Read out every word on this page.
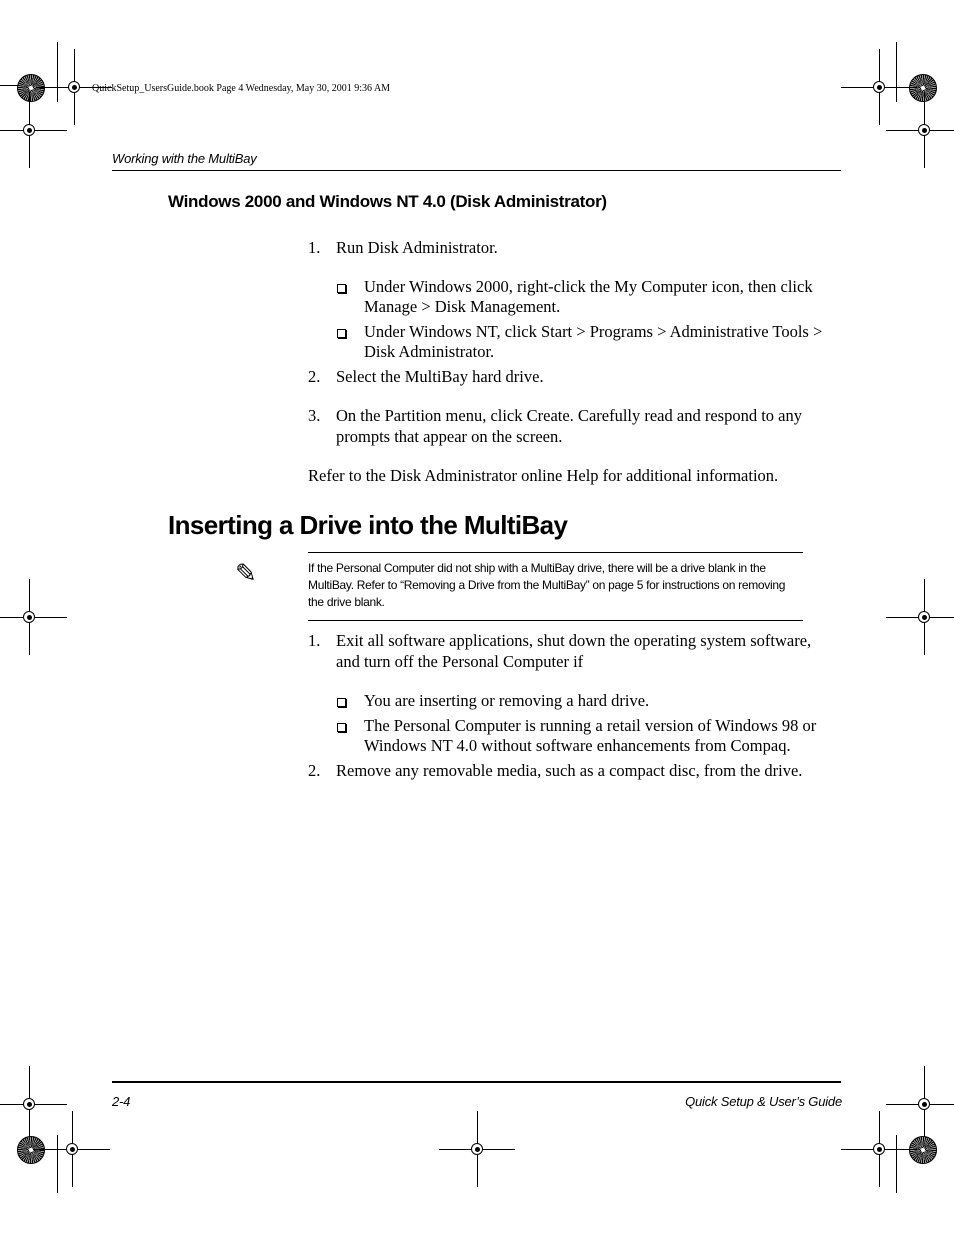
QuickSetup_UsersGuide.book Page 4 Wednesday, May 30, 2001 9:36 AM
Working with the MultiBay
Windows 2000 and Windows NT 4.0 (Disk Administrator)
1. Run Disk Administrator.
Under Windows 2000, right-click the My Computer icon, then click
Manage > Disk Management.
Under Windows NT, click Start > Programs > Administrative Tools >
Disk Administrator.
2. Select the MultiBay hard drive.
3. On the Partition menu, click Create. Carefully read and respond to any
prompts that appear on the screen.
Refer to the Disk Administrator online Help for additional information.
Inserting a Drive into the MultiBay
✎	If the Personal Computer did not ship with a MultiBay drive, there will be a drive blank in the
MultiBay. Refer to “Removing a Drive from the MultiBay” on page 5 for instructions on removing
the drive blank.
1. Exit all software applications, shut down the operating system software,
and turn off the Personal Computer if
You are inserting or removing a hard drive.
The Personal Computer is running a retail version of Windows 98 or
Windows NT 4.0 without software enhancements from Compaq.
2. Remove any removable media, such as a compact disc, from the drive.
2-4	Quick Setup & User’s Guide
